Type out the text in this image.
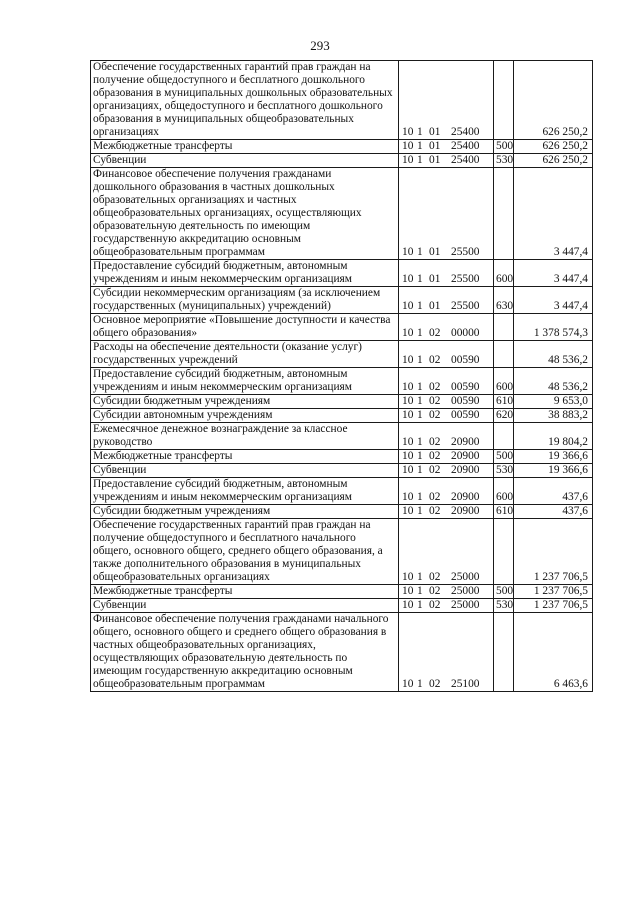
293
Обеспечение государственных гарантий прав граждан на получение общедоступного и бесплатного дошкольного образования в муниципальных дошкольных образовательных организациях, общедоступного и бесплатного дошкольного образования в муниципальных общеобразовательных организациях	10 1 01 25400		626 250,2
Межбюджетные трансферты	10 1 01 25400	500	626 250,2
Субвенции	10 1 01 25400	530	626 250,2
Финансовое обеспечение получения гражданами дошкольного образования в частных дошкольных образовательных организациях и частных общеобразовательных организациях, осуществляющих образовательную деятельность по имеющим государственную аккредитацию основным общеобразовательным программам	10 1 01 25500		3 447,4
Предоставление субсидий бюджетным, автономным учреждениям и иным некоммерческим организациям	10 1 01 25500	600	3 447,4
Субсидии некоммерческим организациям (за исключением государственных (муниципальных) учреждений)	10 1 01 25500	630	3 447,4
Основное мероприятие «Повышение доступности и качества общего образования»	10 1 02 00000		1 378 574,3
Расходы на обеспечение деятельности (оказание услуг) государственных учреждений	10 1 02 00590		48 536,2
Предоставление субсидий бюджетным, автономным учреждениям и иным некоммерческим организациям	10 1 02 00590	600	48 536,2
Субсидии бюджетным учреждениям	10 1 02 00590	610	9 653,0
Субсидии автономным учреждениям	10 1 02 00590	620	38 883,2
Ежемесячное денежное вознаграждение за классное руководство	10 1 02 20900		19 804,2
Межбюджетные трансферты	10 1 02 20900	500	19 366,6
Субвенции	10 1 02 20900	530	19 366,6
Предоставление субсидий бюджетным, автономным учреждениям и иным некоммерческим организациям	10 1 02 20900	600	437,6
Субсидии бюджетным учреждениям	10 1 02 20900	610	437,6
Обеспечение государственных гарантий прав граждан на получение общедоступного и бесплатного начального общего, основного общего, среднего общего образования, а также дополнительного образования в муниципальных общеобразовательных организациях	10 1 02 25000		1 237 706,5
Межбюджетные трансферты	10 1 02 25000	500	1 237 706,5
Субвенции	10 1 02 25000	530	1 237 706,5
Финансовое обеспечение получения гражданами начального общего, основного общего и среднего общего образования в частных общеобразовательных организациях, осуществляющих образовательную деятельность по имеющим государственную аккредитацию основным общеобразовательным программам	10 1 02 25100		6 463,6
